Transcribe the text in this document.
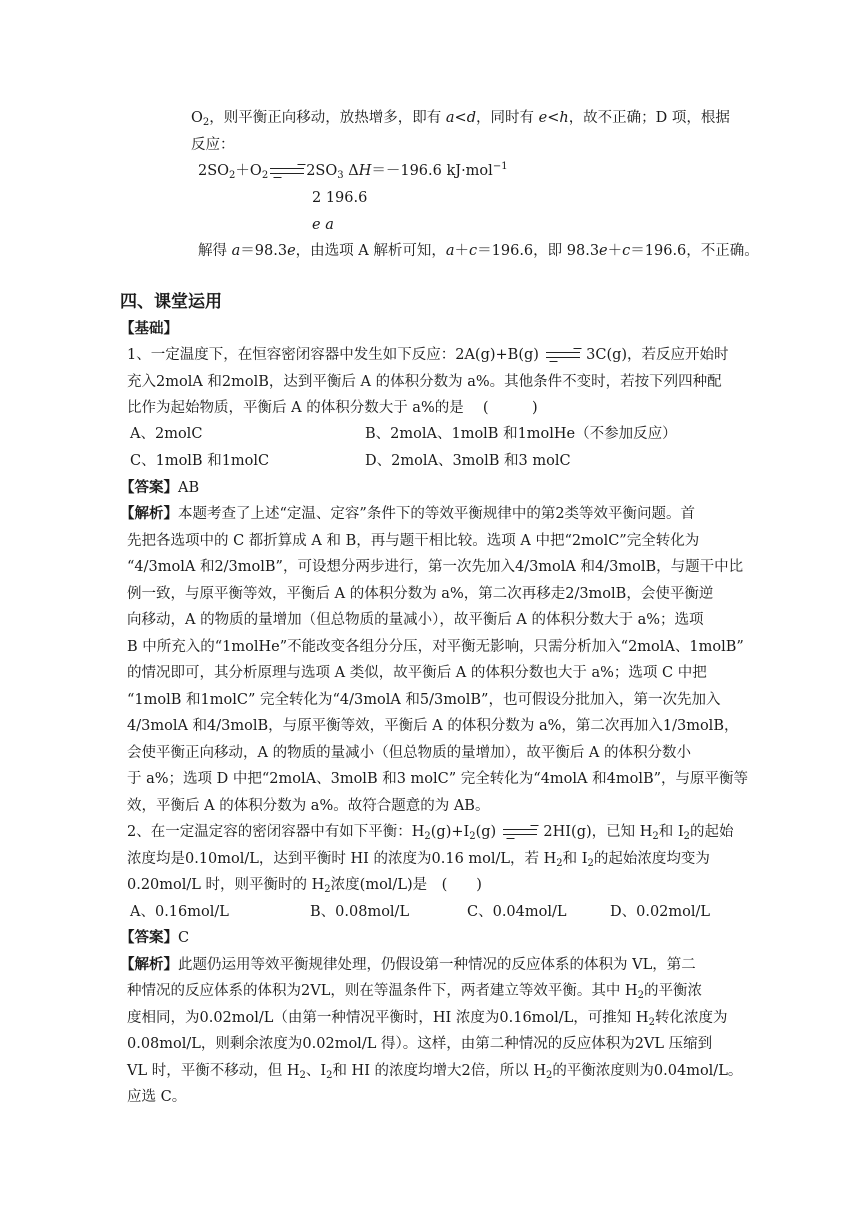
$O_2$，则平衡正向移动，放热增多，即有 a<d，同时有 e<h，故不正确；D 项，根据
反应：
$2SO_2+O_2 \to 2SO_3$ ΔH＝－196.6 kJ·mol$^{-1}$
2 196.6
e a
解得 a＝98.3e，由选项 A 解析可知，a＋c＝196.6，即 98.3e＋c＝196.6，不正确。
四、课堂运用
【基础】
1、一定温度下，在恒容密闭容器中发生如下反应：2A(g)+B(g) → 3C(g)，若反应开始时
充入2molA 和2molB，达到平衡后 A 的体积分数为 a%。其他条件不变时，若按下列四种配
比作为起始物质，平衡后 A 的体积分数大于 a%的是　 (　　　)
A、2molC	B、2molA、1molB 和1molHe（不参加反应）
C、1molB 和1molC	D、2molA、3molB 和3 molC
【答案】AB
【解析】本题考查了上述“定温、定容”条件下的等效平衡规律中的第2类等效平衡问题。首
先把各选项中的 C 都折算成 A 和 B，再与题干相比较。选项 A 中把“2molC”完全转化为
“4/3molA 和2/3molB”，可设想分两步进行，第一次先加入4/3molA 和4/3molB，与题干中比
例一致，与原平衡等效，平衡后 A 的体积分数为 a%，第二次再移走2/3molB，会使平衡逆
向移动，A 的物质的量增加（但总物质的量减小），故平衡后 A 的体积分数大于 a%；选项
B 中所充入的“1molHe”不能改变各组分分压，对平衡无影响，只需分析加入“2molA、1molB”
的情况即可，其分析原理与选项 A 类似，故平衡后 A 的体积分数也大于 a%；选项 C 中把
“1molB 和1molC” 完全转化为“4/3molA 和5/3molB”，也可假设分批加入，第一次先加入
4/3molA 和4/3molB，与原平衡等效，平衡后 A 的体积分数为 a%，第二次再加入1/3molB，
会使平衡正向移动，A 的物质的量减小（但总物质的量增加），故平衡后 A 的体积分数小
于 a%；选项 D 中把“2molA、3molB 和3 molC” 完全转化为“4molA 和4molB”，与原平衡等
效，平衡后 A 的体积分数为 a%。故符合题意的为 AB。
2、在一定温定容的密闭容器中有如下平衡：$H_2(g)+I_2(g) \to 2HI(g)$，已知 $H_2$和 $I_2$的起始
浓度均是0.10mol/L，达到平衡时 HI 的浓度为0.16 mol/L，若 $H_2$和 $I_2$的起始浓度均变为
0.20mol/L 时，则平衡时的 $H_2$浓度(mol/L)是　(　　)
A、0.16mol/L	B、0.08mol/L	C、0.04mol/L	D、0.02mol/L
【答案】C
【解析】此题仍运用等效平衡规律处理，仍假设第一种情况的反应体系的体积为 VL，第二
种情况的反应体系的体积为2VL，则在等温条件下，两者建立等效平衡。其中 $H_2$的平衡浓
度相同，为0.02mol/L（由第一种情况平衡时，HI 浓度为0.16mol/L，可推知 $H_2$转化浓度为
0.08mol/L，则剩余浓度为0.02mol/L 得）。这样，由第二种情况的反应体积为2VL 压缩到
VL 时，平衡不移动，但 $H_2$、$I_2$和 HI 的浓度均增大2倍，所以 $H_2$的平衡浓度则为0.04mol/L。
应选 C。
